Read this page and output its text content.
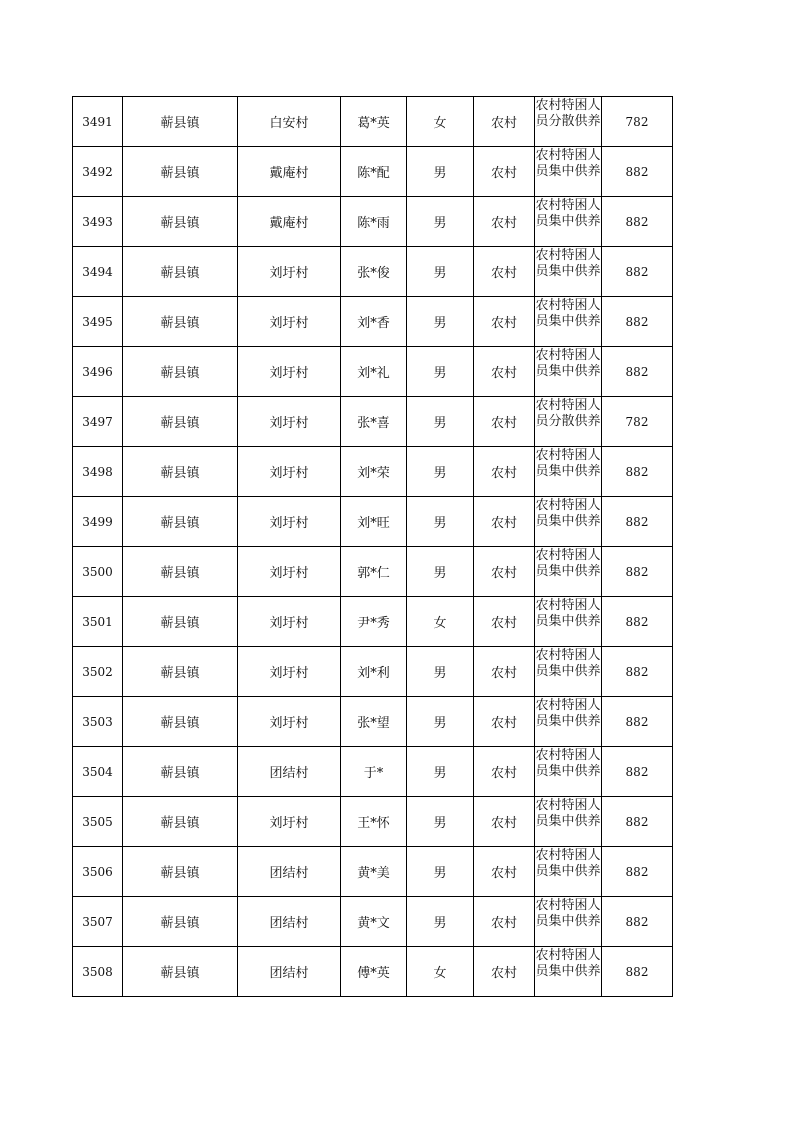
3491	蕲县镇	白安村	葛*英	女	农村	农村特困人员分散供养	782
3492	蕲县镇	戴庵村	陈*配	男	农村	农村特困人员集中供养	882
3493	蕲县镇	戴庵村	陈*雨	男	农村	农村特困人员集中供养	882
3494	蕲县镇	刘圩村	张*俊	男	农村	农村特困人员集中供养	882
3495	蕲县镇	刘圩村	刘*香	男	农村	农村特困人员集中供养	882
3496	蕲县镇	刘圩村	刘*礼	男	农村	农村特困人员集中供养	882
3497	蕲县镇	刘圩村	张*喜	男	农村	农村特困人员分散供养	782
3498	蕲县镇	刘圩村	刘*荣	男	农村	农村特困人员集中供养	882
3499	蕲县镇	刘圩村	刘*旺	男	农村	农村特困人员集中供养	882
3500	蕲县镇	刘圩村	郭*仁	男	农村	农村特困人员集中供养	882
3501	蕲县镇	刘圩村	尹*秀	女	农村	农村特困人员集中供养	882
3502	蕲县镇	刘圩村	刘*利	男	农村	农村特困人员集中供养	882
3503	蕲县镇	刘圩村	张*望	男	农村	农村特困人员集中供养	882
3504	蕲县镇	团结村	于*	男	农村	农村特困人员集中供养	882
3505	蕲县镇	刘圩村	王*怀	男	农村	农村特困人员集中供养	882
3506	蕲县镇	团结村	黄*美	男	农村	农村特困人员集中供养	882
3507	蕲县镇	团结村	黄*文	男	农村	农村特困人员集中供养	882
3508	蕲县镇	团结村	傅*英	女	农村	农村特困人员集中供养	882
